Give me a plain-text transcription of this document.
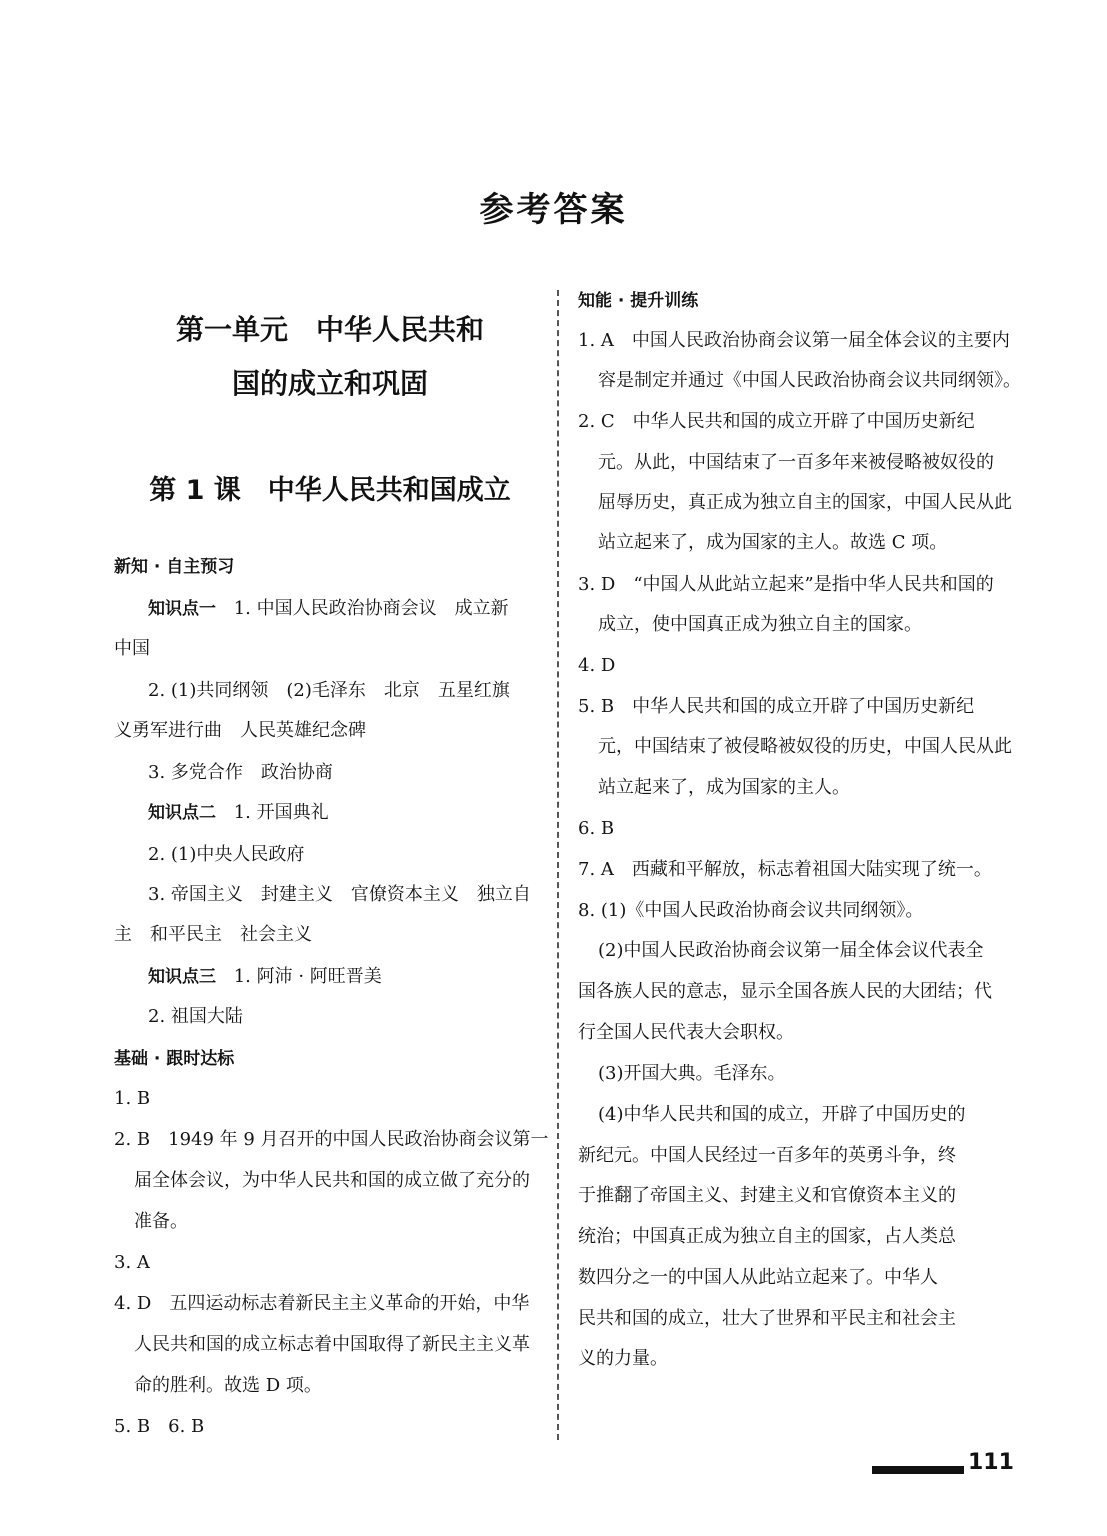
参考答案
第一单元　中华人民共和
国的成立和巩固
第 1 课　中华人民共和国成立
新知 · 自主预习
知识点一 1. 中国人民政治协商会议　成立新
中国
2. (1)共同纲领　(2)毛泽东　北京　五星红旗
义勇军进行曲　人民英雄纪念碑
3. 多党合作　政治协商
知识点二 1. 开国典礼
2. (1)中央人民政府
3. 帝国主义　封建主义　官僚资本主义　独立自
主　和平民主　社会主义
知识点三 1. 阿沛 · 阿旺晋美
2. 祖国大陆
基础 · 跟时达标
1. B
2. B　1949 年 9 月召开的中国人民政治协商会议第一
届全体会议，为中华人民共和国的成立做了充分的
准备。
3. A
4. D　五四运动标志着新民主主义革命的开始，中华
人民共和国的成立标志着中国取得了新民主主义革
命的胜利。故选 D 项。
5. B　6. B
知能 · 提升训练
1. A　中国人民政治协商会议第一届全体会议的主要内
容是制定并通过《中国人民政治协商会议共同纲领》。
2. C　中华人民共和国的成立开辟了中国历史新纪
元。从此，中国结束了一百多年来被侵略被奴役的
屈辱历史，真正成为独立自主的国家，中国人民从此
站立起来了，成为国家的主人。故选 C 项。
3. D　“中国人从此站立起来”是指中华人民共和国的
成立，使中国真正成为独立自主的国家。
4. D
5. B　中华人民共和国的成立开辟了中国历史新纪
元，中国结束了被侵略被奴役的历史，中国人民从此
站立起来了，成为国家的主人。
6. B
7. A　西藏和平解放，标志着祖国大陆实现了统一。
8. (1)《中国人民政治协商会议共同纲领》。
(2)中国人民政治协商会议第一届全体会议代表全
国各族人民的意志，显示全国各族人民的大团结；代
行全国人民代表大会职权。
(3)开国大典。毛泽东。
(4)中华人民共和国的成立，开辟了中国历史的
新纪元。中国人民经过一百多年的英勇斗争，终
于推翻了帝国主义、封建主义和官僚资本主义的
统治；中国真正成为独立自主的国家，占人类总
数四分之一的中国人从此站立起来了。中华人
民共和国的成立，壮大了世界和平民主和社会主
义的力量。
111
